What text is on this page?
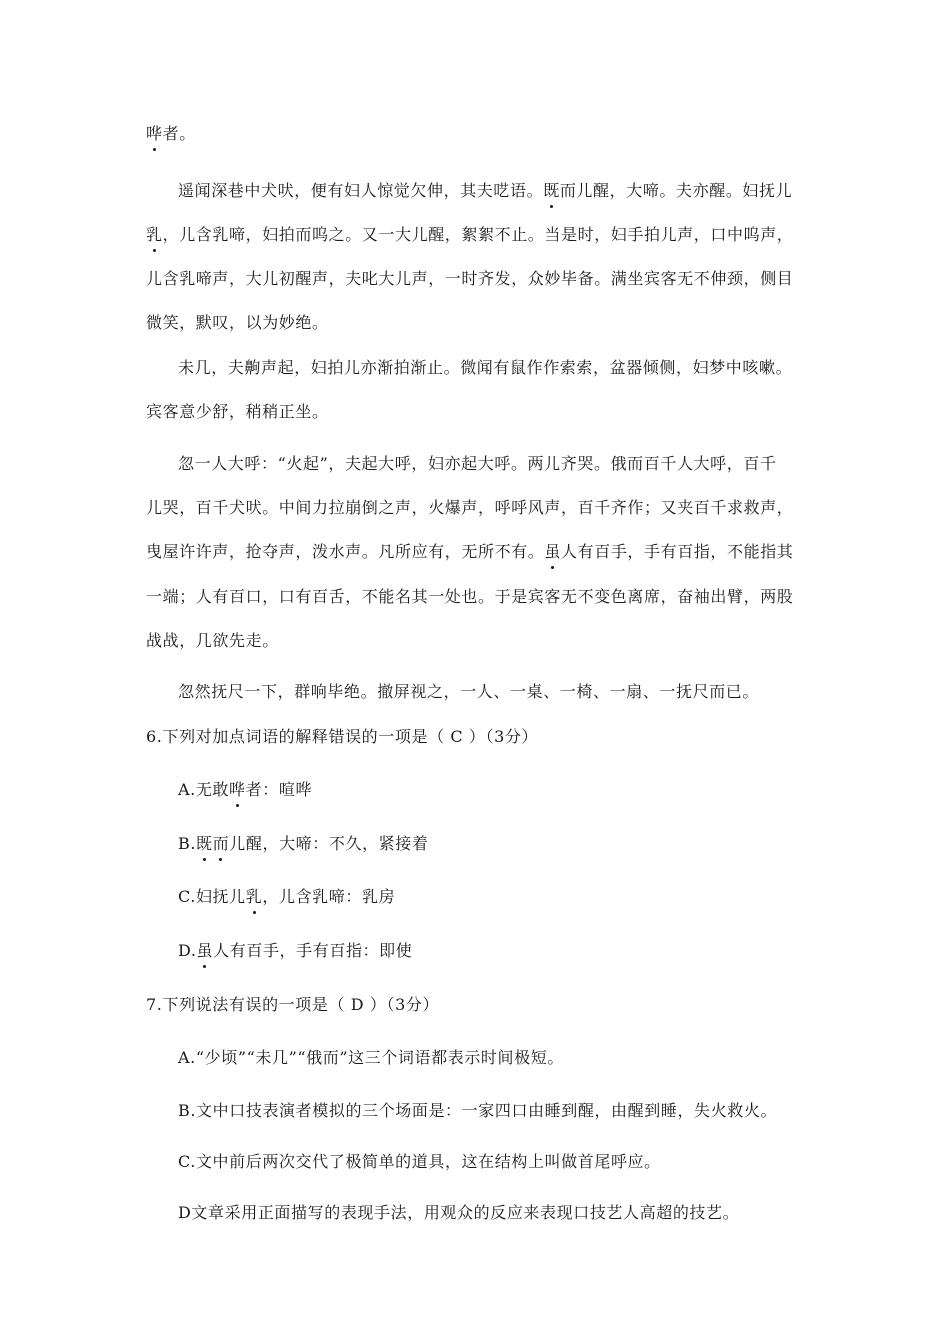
哗者。
遥闻深巷中犬吠，便有妇人惊觉欠伸，其夫呓语。既而儿醒，大啼。夫亦醒。妇抚儿
乳，儿含乳啼，妇拍而呜之。又一大儿醒，絮絮不止。当是时，妇手拍儿声，口中呜声，
儿含乳啼声，大儿初醒声，夫叱大儿声，一时齐发，众妙毕备。满坐宾客无不伸颈，侧目
微笑，默叹，以为妙绝。
未几，夫齁声起，妇拍儿亦渐拍渐止。微闻有鼠作作索索，盆器倾侧，妇梦中咳嗽。
宾客意少舒，稍稍正坐。
忽一人大呼：“火起”，夫起大呼，妇亦起大呼。两儿齐哭。俄而百千人大呼，百千
儿哭，百千犬吠。中间力拉崩倒之声，火爆声，呼呼风声，百千齐作；又夹百千求救声，
曳屋许许声，抢夺声，泼水声。凡所应有，无所不有。虽人有百手，手有百指，不能指其
一端；人有百口，口有百舌，不能名其一处也。于是宾客无不变色离席，奋袖出臂，两股
战战，几欲先走。
忽然抚尺一下，群响毕绝。撤屏视之，一人、一桌、一椅、一扇、一抚尺而已。
6.下列对加点词语的解释错误的一项是（ C ）（3分）
A.无敢哗者：喧哗
B.既而儿醒，大啼：不久，紧接着
C.妇抚儿乳，儿含乳啼：乳房
D.虽人有百手，手有百指：即使
7.下列说法有误的一项是（ D ）（3分）
A.“少顷”“未几”“俄而”这三个词语都表示时间极短。
B.文中口技表演者模拟的三个场面是：一家四口由睡到醒，由醒到睡，失火救火。
C.文中前后两次交代了极简单的道具，这在结构上叫做首尾呼应。
D文章采用正面描写的表现手法，用观众的反应来表现口技艺人高超的技艺。
